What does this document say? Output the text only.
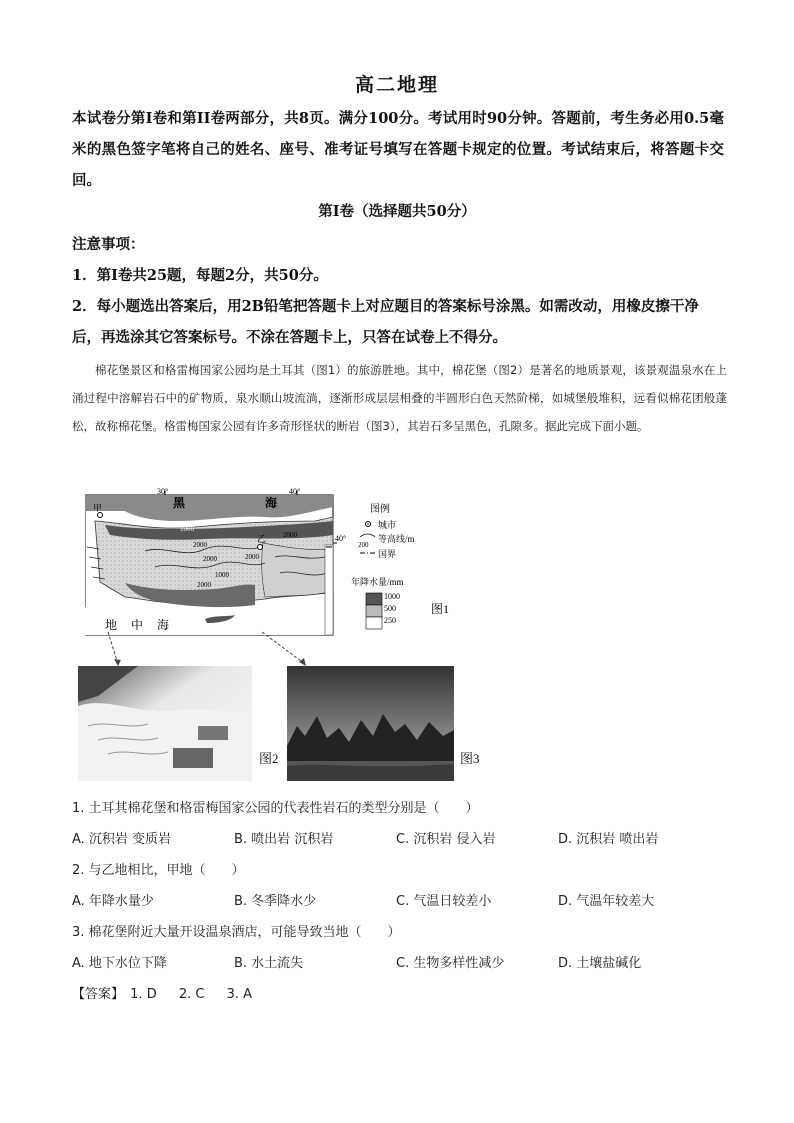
高二地理

本试卷分第I卷和第II卷两部分，共8页。满分100分。考试用时90分钟。答题前，考生务必用0.5毫米的黑色签字笔将自己的姓名、座号、准考证号填写在答题卡规定的位置。考试结束后，将答题卡交回。

第I卷（选择题共50分）

注意事项：

1．第I卷共25题，每题2分，共50分。

2．每小题选出答案后，用2B铅笔把答题卡上对应题目的答案标号涂黑。如需改动，用橡皮擦干净后，再选涂其它答案标号。不涂在答题卡上，只答在试卷上不得分。

棉花堡景区和格雷梅国家公园均是土耳其（图1）的旅游胜地。其中，棉花堡（图2）是著名的地质景观，该景观温泉水在上涌过程中溶解岩石中的矿物质，泉水顺山坡流淌，逐渐形成层层相叠的半圆形白色天然阶梯，如城堡般堆积，远看似棉花团般蓬松，故称棉花堡。格雷梅国家公园有许多奇形怪状的断岩（图3），其岩石多呈黑色，孔隙多。据此完成下面小题。

30°	40°
40°
黑	海
地 中 海
甲
乙
1000
2000
2000	2000
1000
2000
2000
图例
城市
200
等高线/m
国界
年降水量/mm
1000
500
250
图1
图2	图3
1. 土耳其棉花堡和格雷梅国家公园的代表性岩石的类型分别是（　　）
A. 沉积岩 变质岩	B. 喷出岩 沉积岩	C. 沉积岩 侵入岩	D. 沉积岩 喷出岩
2. 与乙地相比，甲地（　　）
A. 年降水量少	B. 冬季降水少	C. 气温日较差小	D. 气温年较差大
3. 棉花堡附近大量开设温泉酒店，可能导致当地（　　）
A. 地下水位下降	B. 水土流失	C. 生物多样性减少	D. 土壤盐碱化
【答案】 1. D 2. C 3. A
